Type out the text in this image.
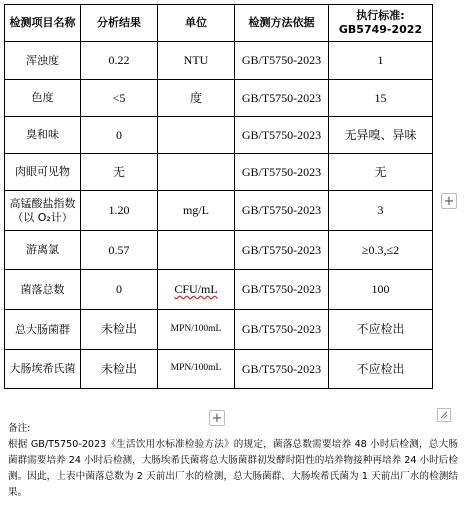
检测项目名称	分析结果	单位	检测方法依据	执行标准:
GB5749-2022

浑浊度	0.22	NTU	GB/T5750-2023	1
色度	<5	度	GB/T5750-2023	15
臭和味	0		GB/T5750-2023	无异嗅、异味
肉眼可见物	无		GB/T5750-2023	无

高锰酸盐指数
（以 O₂计）	1.20	mg/L	GB/T5750-2023	3
游离氯	0.57		GB/T5750-2023	≥0.3,≤2
菌落总数	0	CFU/mL	GB/T5750-2023	100
总大肠菌群	未检出	MPN/100mL	GB/T5750-2023	不应检出
大肠埃希氏菌	未检出	MPN/100mL	GB/T5750-2023	不应检出
+
+
备注:
根据 GB/T5750-2023《生活饮用水标准检验方法》的规定，菌落总数需要培养 48 小时后检测，总大肠菌群需要培养 24 小时后检测，大肠埃希氏菌将总大肠菌群初发酵时阳性的培养物接种再培养 24 小时后检测。因此，上表中菌落总数为 2 天前出厂水的检测，总大肠菌群、大肠埃希氏菌为 1 天前出厂水的检测结果。
